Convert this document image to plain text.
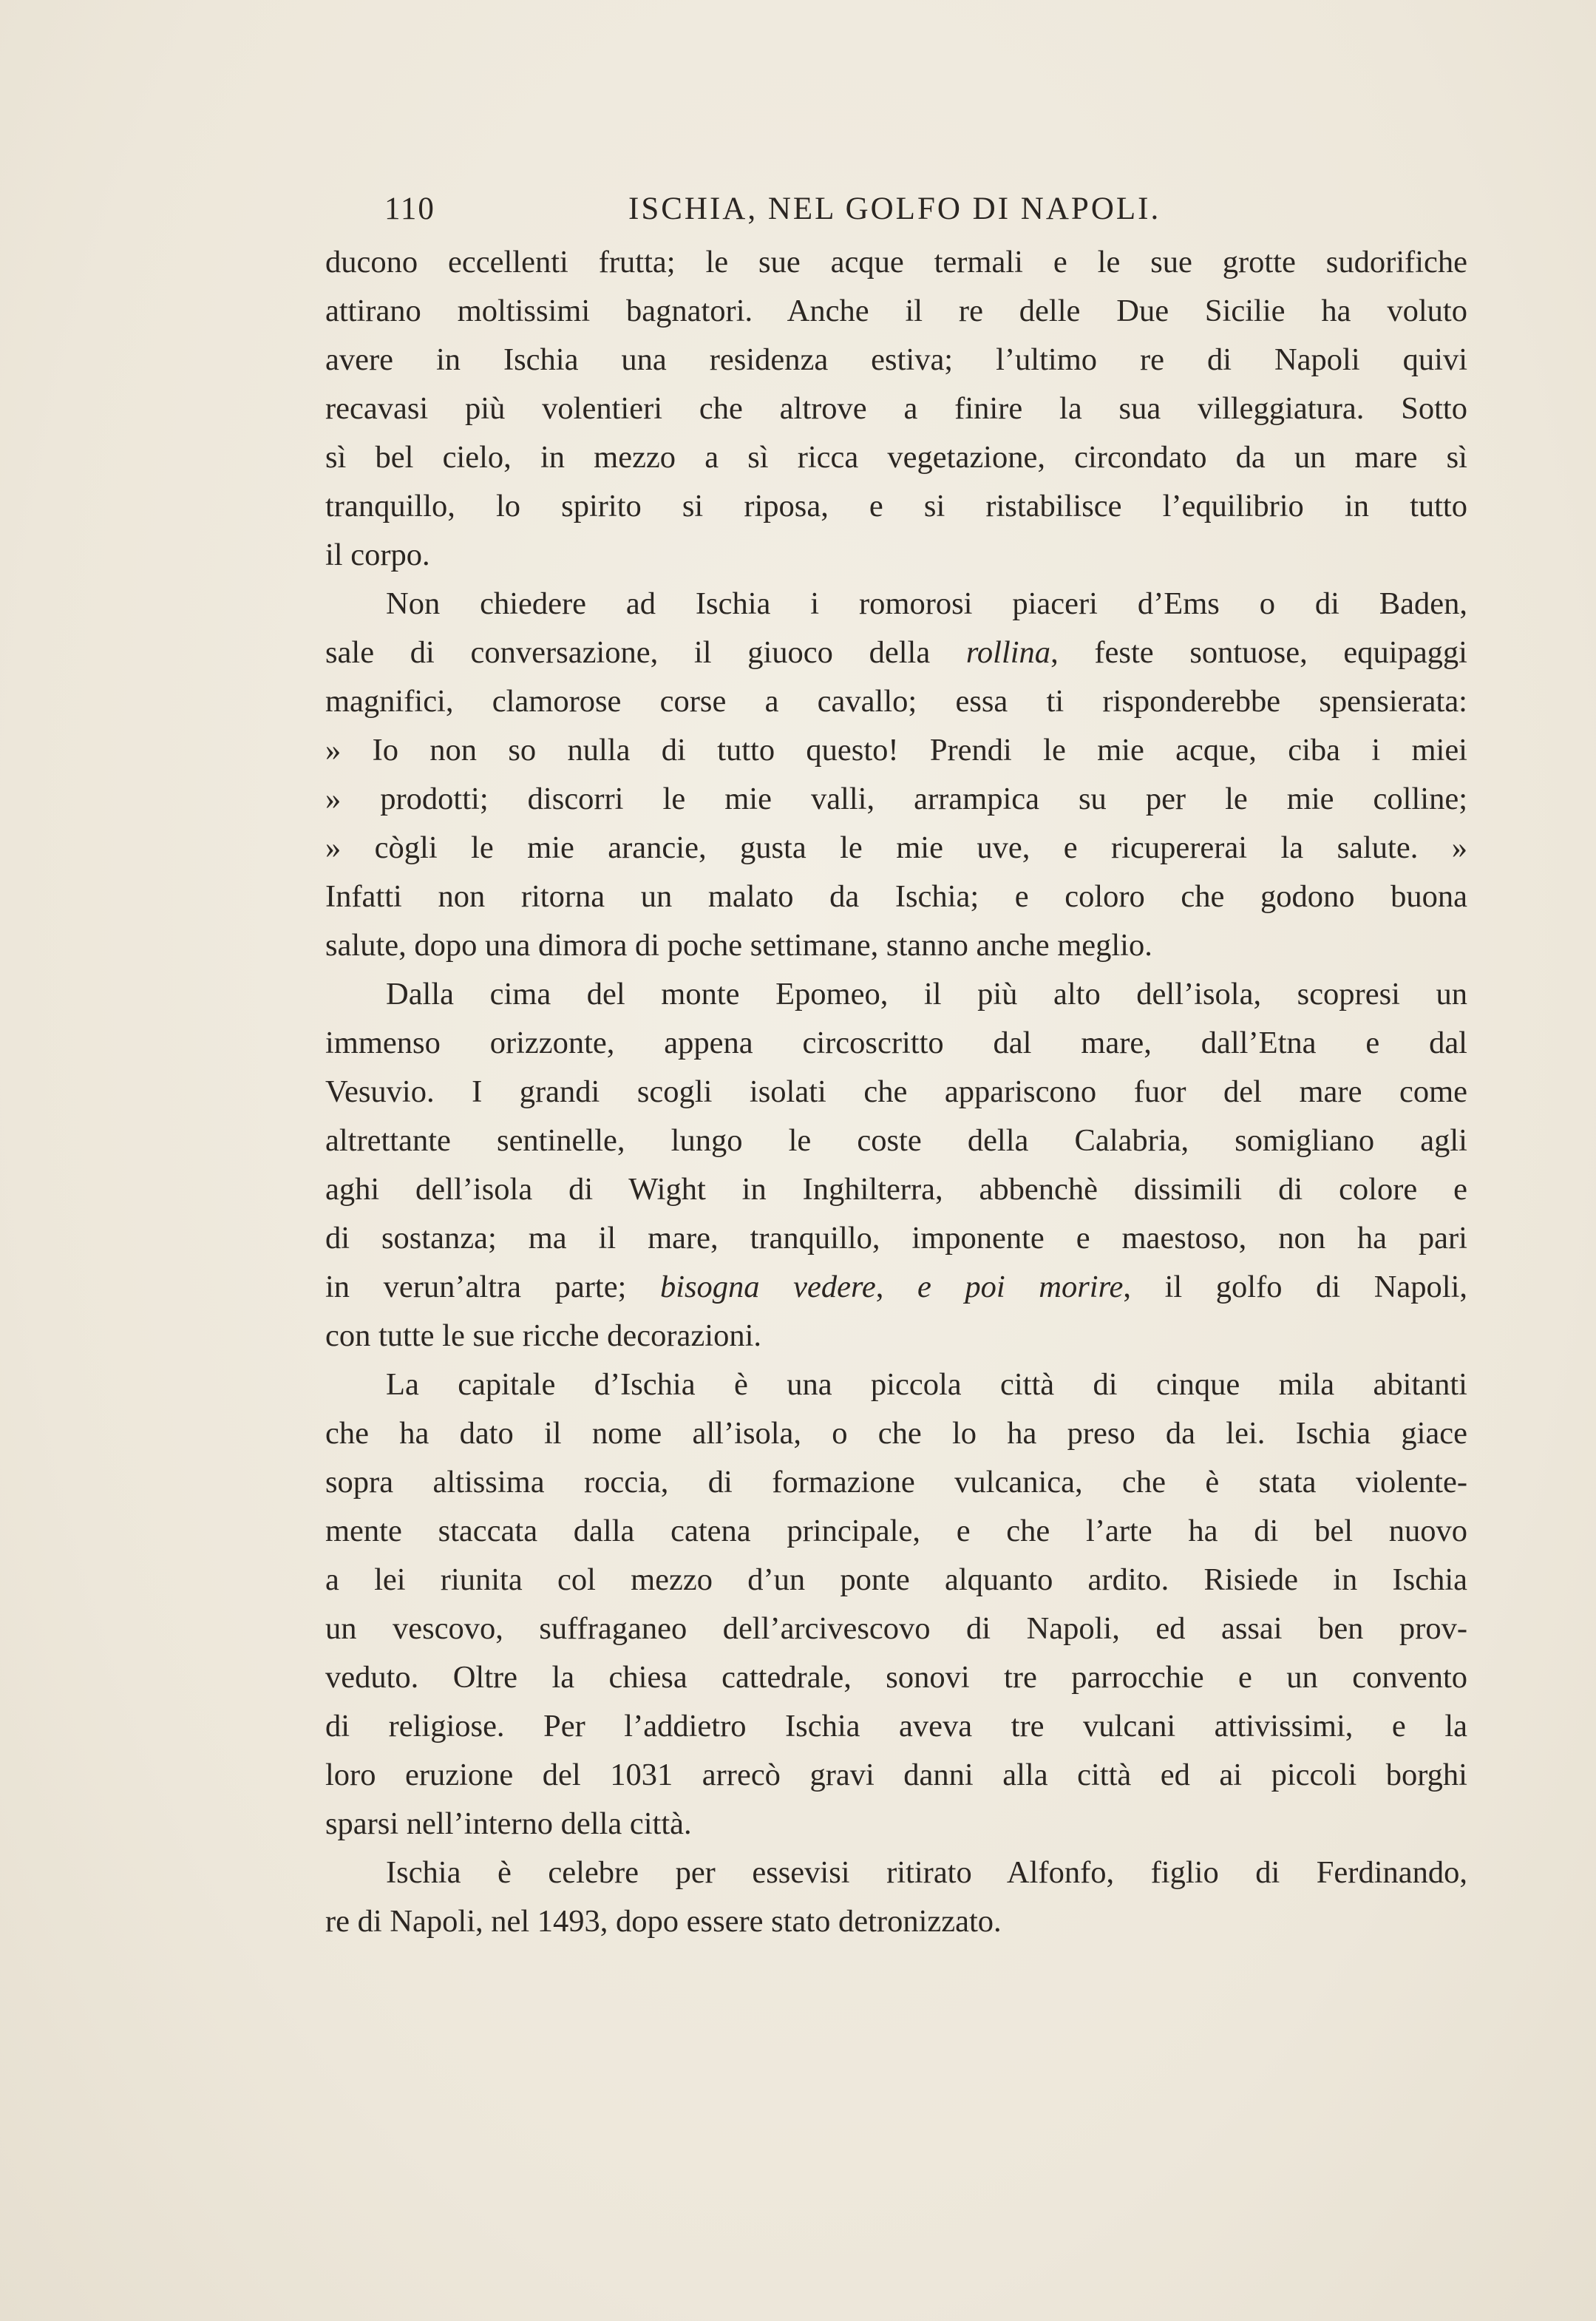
110	ISCHIA, NEL GOLFO DI NAPOLI.
ducono eccellenti frutta; le sue acque termali e le sue grotte sudorifiche
attirano moltissimi bagnatori. Anche il re delle Due Sicilie ha voluto
avere in Ischia una residenza estiva; l’ultimo re di Napoli quivi
recavasi più volentieri che altrove a finire la sua villeggiatura. Sotto
sì bel cielo, in mezzo a sì ricca vegetazione, circondato da un mare sì
tranquillo, lo spirito si riposa, e si ristabilisce l’equilibrio in tutto
il corpo.
Non chiedere ad Ischia i romorosi piaceri d’Ems o di Baden,
sale di conversazione, il giuoco della rollina, feste sontuose, equipaggi
magnifici, clamorose corse a cavallo; essa ti risponderebbe spensierata:
» Io non so nulla di tutto questo! Prendi le mie acque, ciba i miei
» prodotti; discorri le mie valli, arrampica su per le mie colline;
» cògli le mie arancie, gusta le mie uve, e ricupererai la salute. »
Infatti non ritorna un malato da Ischia; e coloro che godono buona
salute, dopo una dimora di poche settimane, stanno anche meglio.
Dalla cima del monte Epomeo, il più alto dell’isola, scopresi un
immenso orizzonte, appena circoscritto dal mare, dall’Etna e dal
Vesuvio. I grandi scogli isolati che appariscono fuor del mare come
altrettante sentinelle, lungo le coste della Calabria, somigliano agli
aghi dell’isola di Wight in Inghilterra, abbenchè dissimili di colore e
di sostanza; ma il mare, tranquillo, imponente e maestoso, non ha pari
in verun’altra parte; bisogna vedere, e poi morire, il golfo di Napoli,
con tutte le sue ricche decorazioni.
La capitale d’Ischia è una piccola città di cinque mila abitanti
che ha dato il nome all’isola, o che lo ha preso da lei. Ischia giace
sopra altissima roccia, di formazione vulcanica, che è stata violente-
mente staccata dalla catena principale, e che l’arte ha di bel nuovo
a lei riunita col mezzo d’un ponte alquanto ardito. Risiede in Ischia
un vescovo, suffraganeo dell’arcivescovo di Napoli, ed assai ben prov-
veduto. Oltre la chiesa cattedrale, sonovi tre parrocchie e un convento
di religiose. Per l’addietro Ischia aveva tre vulcani attivissimi, e la
loro eruzione del 1031 arrecò gravi danni alla città ed ai piccoli borghi
sparsi nell’interno della città.
Ischia è celebre per essevisi ritirato Alfonfo, figlio di Ferdinando,
re di Napoli, nel 1493, dopo essere stato detronizzato.
